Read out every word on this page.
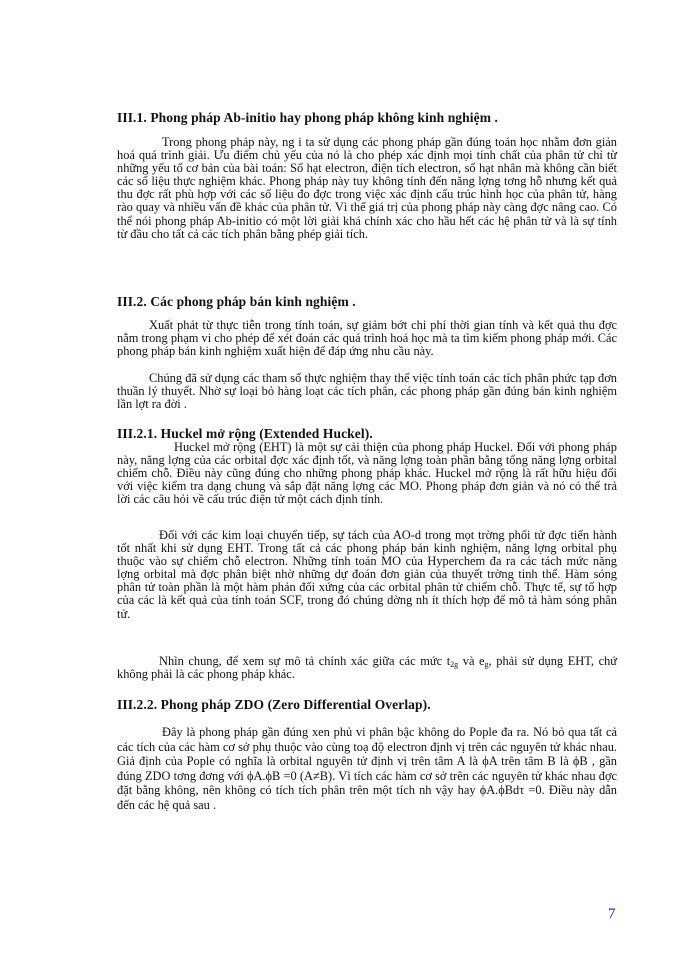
III.1. Phong pháp Ab-initio hay phong pháp không kinh nghiệm .

Trong phong pháp này, ng i ta sử dụng các phong pháp gần đúng toán học nhằm đơn giản hoá quá trình giải. Ưu điểm chủ yếu của nó là cho phép xác định mọi tính chất của phân tử chỉ từ những yếu tố cơ bản của bài toán: Số hạt electron, điện tích electron, số hạt nhân mà không cần biết các số liệu thực nghiệm khác. Phong pháp này tuy không tính đến năng lợng tơng hỗ nhưng kết quả thu đợc rất phù hợp với các số liệu đo đợc trong việc xác định cấu trúc hình học của phân tử, hàng rào quay và nhiều vấn đề khác của phân tử. Vì thế giá trị của phong pháp này càng đợc nâng cao. Có thể nói phong pháp Ab-initio có một lời giải khá chính xác cho hầu hết các hệ phân tử và là sự tính từ đầu cho tất cả các tích phân bằng phép giải tích.

III.2. Các phong pháp bán kinh nghiệm .

Xuất phát từ thực tiễn trong tính toán, sự giảm bớt chi phí thời gian tính và kết quả thu đợc nằm trong phạm vi cho phép để xét đoán các quá trình hoá học mà ta tìm kiếm phong pháp mới. Các phong pháp bán kinh nghiệm xuất hiện để đáp ứng nhu cầu này.

Chúng đã sử dụng các tham số thực nghiệm thay thế việc tính toán các tích phân phức tạp đơn thuần lý thuyết. Nhờ sự loại bỏ hàng loạt các tích phân, các phong pháp gần đúng bán kinh nghiệm lần lợt ra đời .

III.2.1. Huckel mở rộng (Extended Huckel).

Huckel mở rộng (EHT) là một sự cải thiện của phong pháp Huckel. Đối với phong pháp này, năng lợng của các orbital đợc xác định tốt, và năng lợng toàn phần bằng tổng năng lợng orbital chiếm chỗ. Điều này cũng đúng cho những phong pháp khác. Huckel mở rộng là rất hữu hiệu đối với việc kiểm tra dạng chung và sắp đặt năng lợng các MO. Phong pháp đơn giản và nó có thể trả lời các câu hỏi về cấu trúc điện tử một cách định tính.

Đối với các kim loại chuyển tiếp, sự tách của AO-d trong mọt trờng phối tử đợc tiến hành tốt nhất khi sử dụng EHT. Trong tất cả các phong pháp bán kinh nghiệm, năng lợng orbital phụ thuộc vào sự chiếm chỗ electron. Những tính toán MO của Hyperchem đa ra các tách mức năng lợng orbital mà đợc phân biệt nhờ những dự đoán đơn giản của thuyết trờng tinh thể. Hàm sóng phân tử toàn phần là một hàm phản đối xứng của các orbital phân tử chiếm chỗ. Thực tế, sự tổ hợp của các là kết quả của tính toán SCF, trong đó chúng dờng nh ít thích hợp để mô tả hàm sóng phân tử.

Nhìn chung, để xem sự mô tả chính xác giữa các mức $t_{2g}$ và $e_g$, phải sử dụng EHT, chứ không phải là các phong pháp khác.

III.2.2. Phong pháp ZDO (Zero Differential Overlap).

Đây là phong pháp gần đúng xen phủ vi phân bậc không do Pople đa ra. Nó bỏ qua tất cả các tích của các hàm cơ sở phụ thuộc vào cùng toạ độ electron định vị trên các nguyên tử khác nhau. Giả định của Pople có nghĩa là orbital nguyên tử định vị trên tâm A là ϕA trên tâm B là ϕB , gần đúng ZDO tơng đơng với ϕA.ϕB =0 (A≠B). Vì tích các hàm cơ sở trên các nguyên tử khác nhau đợc đặt bằng không, nên không có tích tích phân trên một tích nh vậy hay ϕA.ϕBdτ =0. Điều này dẫn đến các hệ quả sau .

7
